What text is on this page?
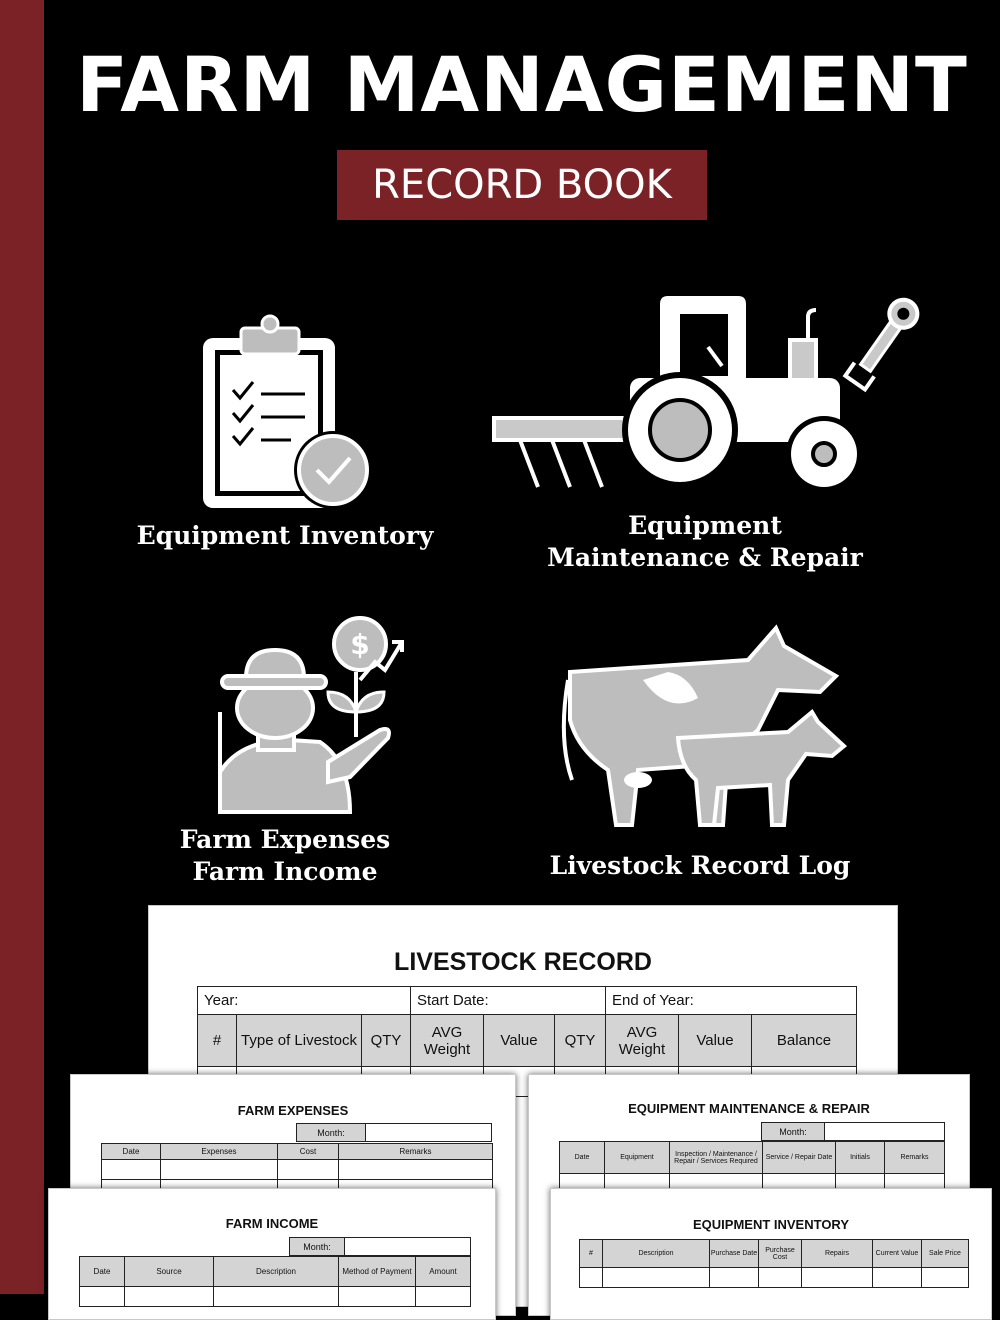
FARM MANAGEMENT
RECORD BOOK
Equipment Inventory	Equipment
Maintenance & Repair
$
Farm Expenses
Farm Income	Livestock Record Log
LIVESTOCK RECORD
Year:			Start Date:			End of Year:		
#	Type of Livestock	QTY	AVG Weight	Value	QTY	AVG Weight	Value	Balance

FARM EXPENSES
Month:	
Date	Expenses	Cost	Remarks

EQUIPMENT MAINTENANCE & REPAIR
Month:	
Date	Equipment	Inspection / Maintenance / Repair / Services Required	Service / Repair Date	Initials	Remarks

FARM INCOME
Month:	
Date	Source	Description	Method of Payment	Amount

EQUIPMENT INVENTORY
#	Description	Purchase Date	Purchase Cost	Repairs	Current Value	Sale Price
